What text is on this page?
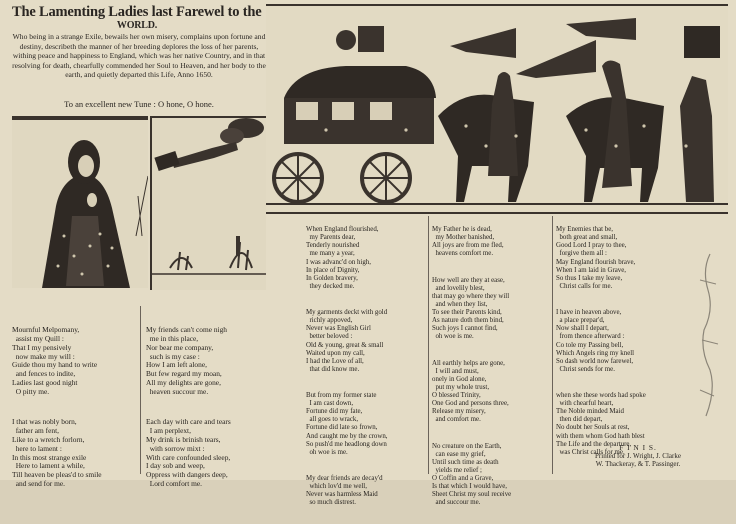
The Lamenting Ladies last Farewel to the
WORLD.
Who being in a strange Exile, bewails her own misery, complains upon fortune and destiny, describeth the manner of her breeding deplores the loss of her parents, withing peace and happiness to England, which was her native Country, and in that resolving for death, chearfully commended her Soul to Heaven, and her body to the earth, and quietly departed this Life, Anno 1650.
To an excellent new Tune : O hone, O hone.

Mournful Melpomany,
assist my Quill :
That I my pensively
now make my will :
Guide thou my hand to write
and fences to indite,
Ladies last good night
O pitty me.

I that was nobly born,
father am fent,
Like to a wretch forlorn,
here to lament :
In this most strange exile
Here to lament a while,
Till heaven be pleas'd to smile
and send for me.

My friends can't come nigh
me in this place,
Nor bear me company,
such is my case :
How I am left alone,
But few regard my moan,
All my delights are gone,
heaven succour me.

Each day with care and tears
I am perplext,
My drink is brinish tears,
with sorrow mixt :
With care confounded sleep,
I day sob and weep,
Oppress with dangers deep,
Lord comfort me.

When England flourished,
my Parents dear,
Tenderly nourished
me many a year,
I was advanc'd on high,
In place of Dignity,
In Golden bravery,
they decked me.

My garments deckt with gold
richly appoved,
Never was English Girl
better beloved :
Old & young, great & small
Waited upon my call,
I had the Love of all,
that did know me.

But from my former state
I am cast down,
Fortune did my fate,
all goes to wrack,
Fortune did late so frown,
And caught me by the crown,
So push'd me headlong down
oh woe is me.

My dear friends are decay'd
which lov'd me well,
Never was harmless Maid
so much distrest.

My Father he is dead,
my Mother banished,
All joys are from me fled,
heavens comfort me.

How well are they at ease,
and lovelily blest,
that may go where they will
and when they list,
To see their Parents kind,
As nature doth them bind,
Such joys I cannot find,
oh woe is me.

All earthly helps are gone,
I will and must,
onely in God alone,
put my whole trust,
O blessed Trinity,
One God and persons three,
Release my misery,
and comfort me.

No creature on the Earth,
can ease my grief,
Until such time as death
yields me relief ;
O Coffin and a Grave,
Is that which I would have,
Sheet Christ my soul receive
and succour me.

My Enemies that be,
both great and small,
Good Lord I pray to thee,
forgive them all :
May England flourish brave,
When I am laid in Grave,
So thus I take my leave,
Christ calls for me.

I have in heaven above,
a place prepar'd,
Now shall I depart,
from thence afterward :
Co tole my Passing bell,
Which Angels ring my knell
So dash world now farewel,
Christ sends for me.

when she these words had spoke
with chearful heart,
The Noble minded Maid
then did depart,
No doubt her Souls at rest,
with them whom God hath blest
The Life and the departure,
was Christ calls for me.

F I N I S.
Printed for J. Wright, J. Clarke
W. Thackeray, & T. Passinger.
